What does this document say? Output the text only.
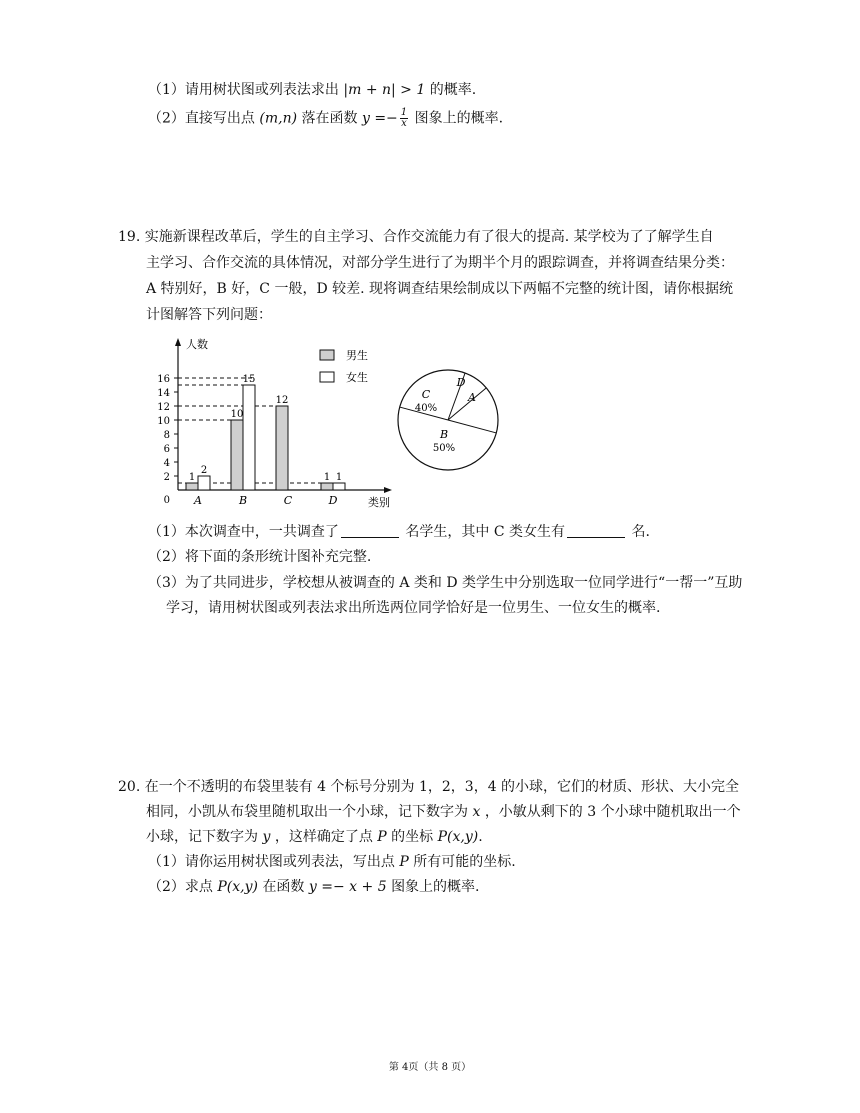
（1）请用树状图或列表法求出 |m + n| > 1 的概率.
（2）直接写出点 (m,n) 落在函数 $y =- \frac{1}{x}$ 图象上的概率.
19. 实施新课程改革后，学生的自主学习、合作交流能力有了很大的提高. 某学校为了了解学生自
主学习、合作交流的具体情况，对部分学生进行了为期半个月的跟踪调查，并将调查结果分类：
A 特别好，B 好，C 一般，D 较差. 现将调查结果绘制成以下两幅不完整的统计图，请你根据统
计图解答下列问题：
人数
类别
0
2
4
6
8
10
12
14
16
1
2
A
10
15
B
12
C
1 1
D
男生
女生
C
40%
D
A
B
50%
（1）本次调查中，一共调查了	名学生，其中 C 类女生有	名.
（2）将下面的条形统计图补充完整.
（3）为了共同进步，学校想从被调查的 A 类和 D 类学生中分别选取一位同学进行“一帮一”互助
学习，请用树状图或列表法求出所选两位同学恰好是一位男生、一位女生的概率.
20. 在一个不透明的布袋里装有 4 个标号分别为 1，2，3，4 的小球，它们的材质、形状、大小完全
相同，小凯从布袋里随机取出一个小球，记下数字为 x ，小敏从剩下的 3 个小球中随机取出一个
小球，记下数字为 y ，这样确定了点 P 的坐标 P(x,y).
（1）请你运用树状图或列表法，写出点 P 所有可能的坐标.
（2）求点 P(x,y) 在函数 y =− x + 5 图象上的概率.
第 4页（共 8 页）
